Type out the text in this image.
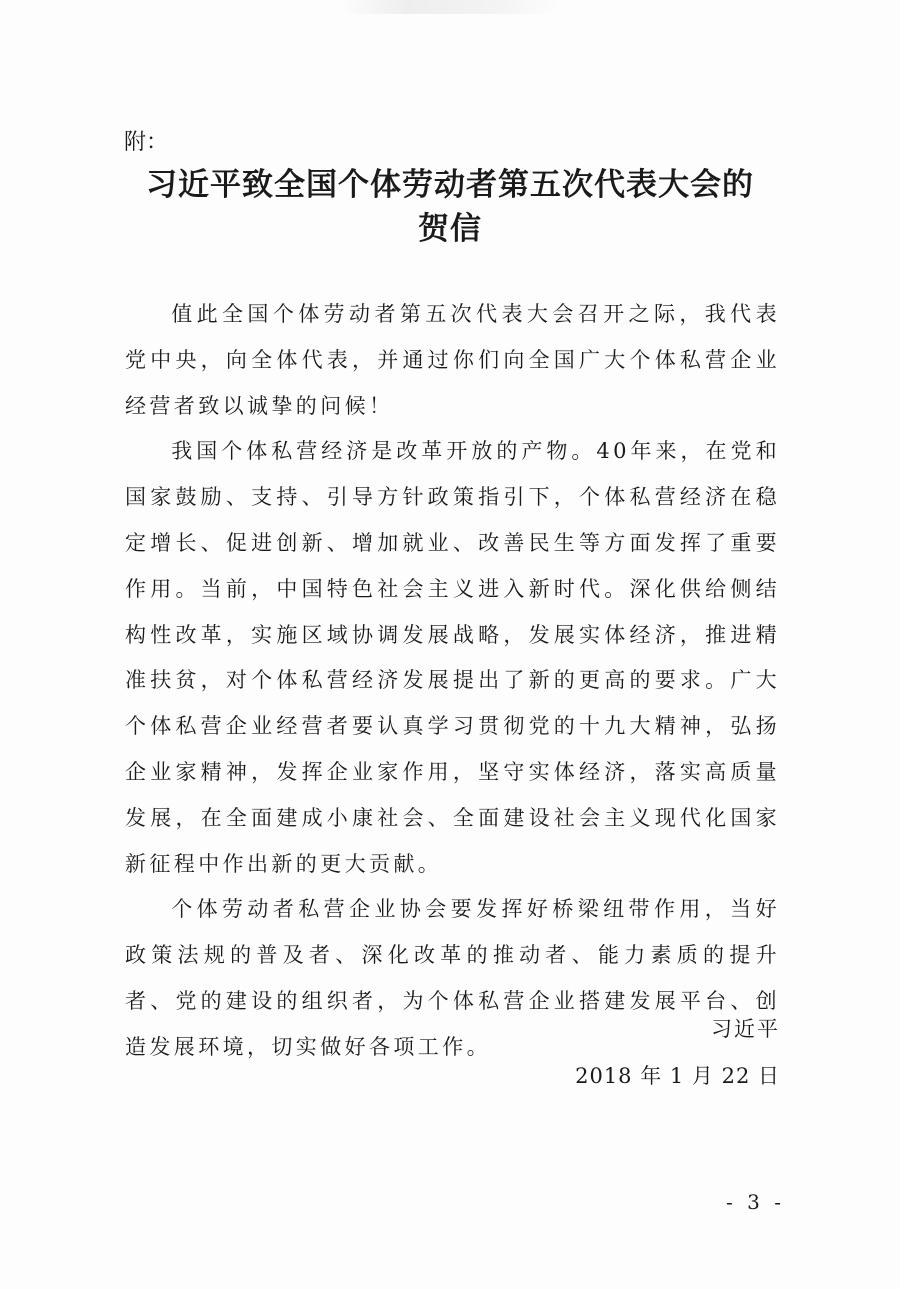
附：
习近平致全国个体劳动者第五次代表大会的
贺信

值此全国个体劳动者第五次代表大会召开之际，我代表党中央，向全体代表，并通过你们向全国广大个体私营企业经营者致以诚挚的问候！

我国个体私营经济是改革开放的产物。40年来，在党和国家鼓励、支持、引导方针政策指引下，个体私营经济在稳定增长、促进创新、增加就业、改善民生等方面发挥了重要作用。当前，中国特色社会主义进入新时代。深化供给侧结构性改革，实施区域协调发展战略，发展实体经济，推进精准扶贫，对个体私营经济发展提出了新的更高的要求。广大个体私营企业经营者要认真学习贯彻党的十九大精神，弘扬企业家精神，发挥企业家作用，坚守实体经济，落实高质量发展，在全面建成小康社会、全面建设社会主义现代化国家新征程中作出新的更大贡献。

个体劳动者私营企业协会要发挥好桥梁纽带作用，当好政策法规的普及者、深化改革的推动者、能力素质的提升者、党的建设的组织者，为个体私营企业搭建发展平台、创造发展环境，切实做好各项工作。

习近平
2018 年 1 月 22 日
- 3 -
